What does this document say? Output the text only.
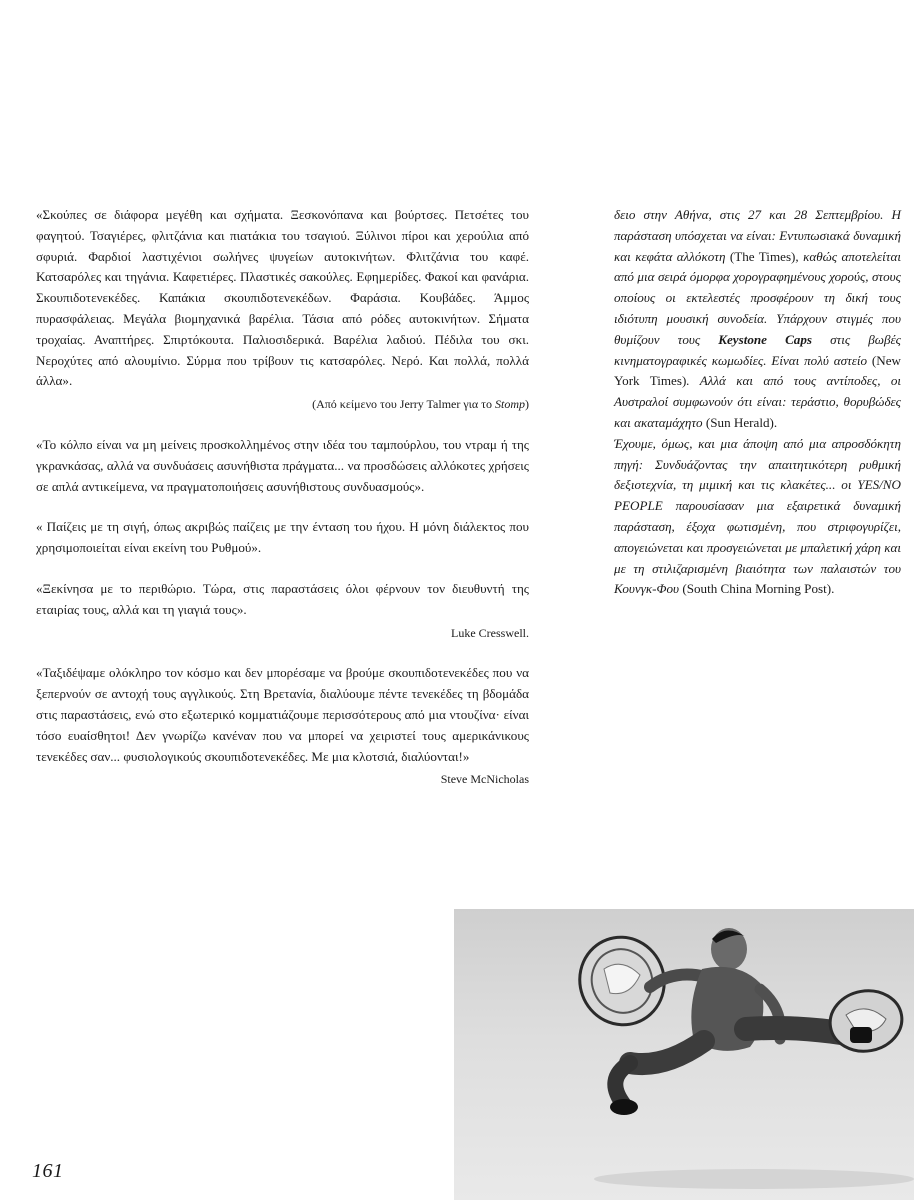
«Σκούπες σε διάφορα μεγέθη και σχήματα. Ξεσκονόπανα και βούρτσες. Πετσέτες του φαγητού. Τσαγιέρες, φλιτζάνια και πιατάκια του τσαγιού. Ξύλινοι πίροι και χερούλια από σφυριά. Φαρδιοί λαστιχένιοι σωλήνες ψυγείων αυτοκινήτων. Φλιτζάνια του καφέ. Κατσαρόλες και τηγάνια. Καφετιέρες. Πλαστικές σακούλες. Εφημερίδες. Φακοί και φανάρια. Σκουπιδοτενεκέδες. Καπάκια σκουπιδοτενεκέδων. Φαράσια. Κουβάδες. Άμμος πυρασφάλειας. Μεγάλα βιομηχανικά βαρέλια. Τάσια από ρόδες αυτοκινήτων. Σήματα τροχαίας. Αναπτήρες. Σπιρτόκουτα. Παλιοσιδερικά. Βαρέλια λαδιού. Πέδιλα του σκι. Νεροχύτες από αλουμίνιο. Σύρμα που τρίβουν τις κατσαρόλες. Νερό. Και πολλά, πολλά άλλα».

(Από κείμενο του Jerry Talmer για το Stomp)

«Το κόλπο είναι να μη μείνεις προσκολλημένος στην ιδέα του ταμπούρλου, του ντραμ ή της γκρανκάσας, αλλά να συνδυάσεις ασυνήθιστα πράγματα... να προσδώσεις αλλόκοτες χρήσεις σε απλά αντικείμενα, να πραγματοποιήσεις ασυνήθιστους συνδυασμούς».

« Παίζεις με τη σιγή, όπως ακριβώς παίζεις με την ένταση του ήχου. Η μόνη διάλεκτος που χρησιμοποιείται είναι εκείνη του Ρυθμού».

«Ξεκίνησα με το περιθώριο. Τώρα, στις παραστάσεις όλοι φέρνουν τον διευθυντή της εταιρίας τους, αλλά και τη γιαγιά τους».

Luke Cresswell.

«Ταξιδέψαμε ολόκληρο τον κόσμο και δεν μπορέσαμε να βρούμε σκουπιδοτενεκέδες που να ξεπερνούν σε αντοχή τους αγγλικούς. Στη Βρετανία, διαλύουμε πέντε τενεκέδες τη βδομάδα στις παραστάσεις, ενώ στο εξωτερικό κομματιάζουμε περισσότερους από μια ντουζίνα· είναι τόσο ευαίσθητοι! Δεν γνωρίζω κανέναν που να μπορεί να χειριστεί τους αμερικάνικους τενεκέδες σαν... φυσιολογικούς σκουπιδοτενεκέδες. Με μια κλοτσιά, διαλύονται!»

Steve McNicholas

δειο στην Αθήνα, στις 27 και 28 Σεπτεμβρίου. Η παράσταση υπόσχεται να είναι: Εντυπωσιακά δυναμική και κεφάτα αλλόκοτη (The Times), καθώς αποτελείται από μια σειρά όμορφα χορογραφημένους χορούς, στους οποίους οι εκτελεστές προσφέρουν τη δική τους ιδιότυπη μουσική συνοδεία. Υπάρχουν στιγμές που θυμίζουν τους Keystone Caps στις βωβές κινηματογραφικές κωμωδίες. Είναι πολύ αστείο (New York Times). Αλλά και από τους αντίποδες, οι Αυστραλοί συμφωνούν ότι είναι: τεράστιο, θορυβώδες και ακαταμάχητο (Sun Herald).

Έχουμε, όμως, και μια άποψη από μια απροσδόκητη πηγή: Συνδυάζοντας την απαιτητικότερη ρυθμική δεξιοτεχνία, τη μιμική και τις κλακέτες... οι YES/NO PEOPLE παρουσίασαν μια εξαιρετικά δυναμική παράσταση, έξοχα φωτισμένη, που στριφογυρίζει, απογειώνεται και προσγειώνεται με μπαλετική χάρη και με τη στιλιζαρισμένη βιαιότητα των παλαιστών του Κουνγκ-Φου (South China Morning Post).

161
